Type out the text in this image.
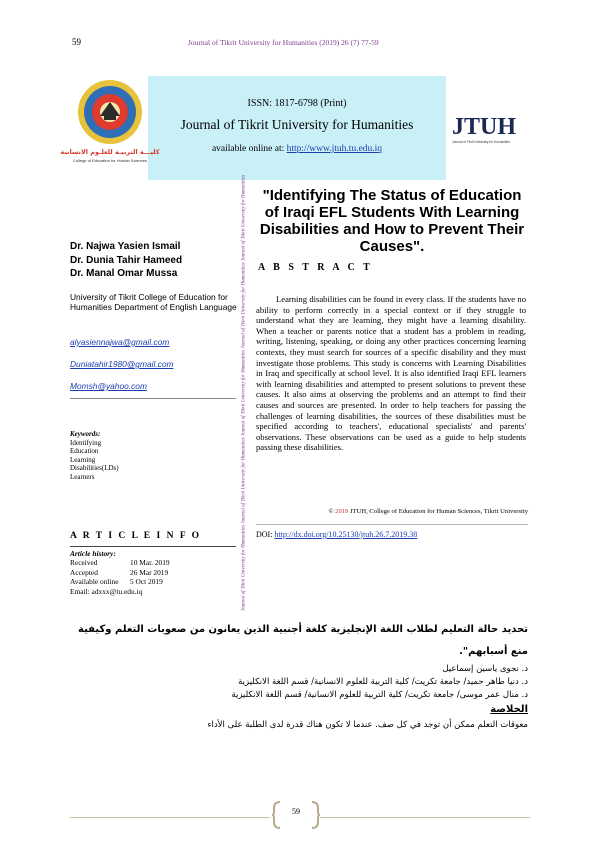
59	Journal of Tikrit University for Humanities (2019) 26 (7) 77-59
ISSN: 1817-6798 (Print)
Journal of Tikrit University for Humanities
available online at: http://www.jtuh.tu.edu.iq
كليـــة التربيـة للعلـوم الانسانية
College of Education for Human Sciences
JTUH
Journal of Tikrit University for Humanities
Journal of Tikrit University for Humanities Journal of Tikrit University for Humanities Journal of Tikrit University for Humanities Journal of Tikrit University for Humanities Journal of Tikrit University for Humanities	"Identifying The Status of Education of Iraqi EFL Students With Learning Disabilities and How to Prevent Their Causes".
A B S T R A C T
Learning disabilities can be found in every class. If the students have no ability to perform correctly in a special context or if they struggle to understand what they are learning, they might have a learning disability. When a teacher or parents notice that a student has a problem in reading, writing, listening, speaking, or doing any other practices concerning learning contexts, they must search for sources of a specific disability and they must investigate those problems. This study is concerns with Learning Disabilities in Iraq and specifically at school level. It is also identified Iraqi EFL learners with learning disabilities and attempted to present solutions to prevent these causes. It also aims at observing the problems and an attempt to find their causes and sources are presented. In order to help teachers for passing the challenges of learning disabilities, the sources of these disabilities must be specified according to teachers', educational specialists' and parents' observations. These observations can be used as a guide to help students passing these disabilities.
© 2019 JTUH, College of Education for Human Sciences, Tikrit University
DOI: http://dx.doi.org/10.25130/jtuh.26.7.2019.38
Dr. Najwa Yasien Ismail
Dr. Dunia Tahir Hameed
Dr. Manal Omar Mussa
University of Tikrit College of Education for Humanities Department of English Language
alyasiennajwa@gmail.com
Duniatahir1980@gmail.com
Momsh@yahoo.com
Keywords:
Identifying
Education
Learning
Disabilities(LDs)
Learners
A R T I C L E I N F O
Article history:
Received	10 Mar. 2019
Accepted	26 Mar 2019
Available online 5 Oct 2019
Email: adxxx@tu.edu.iq
تحديد حالة التعليم لطلاب اللغة الإنجليزية كلغة أجنبية الذين يعانون من صعوبات التعلم وكيفية منع أسبابهم".
د. نجوى ياسين إسماعيل
د. دنيا طاهر حميد/ جامعة تكريت/ كلية التربية للعلوم الانسانية/ قسم اللغة الانكليزية
د. منال عمر موسى/ جامعة تكريت/ كلية التربية للعلوم الانسانية/ قسم اللغة الانكليزية
الخلاصة
معوقات التعلم ممكن أن توجد في كل صف. عندما لا تكون هناك قدرة لدى الطلبة على الأداء
59
